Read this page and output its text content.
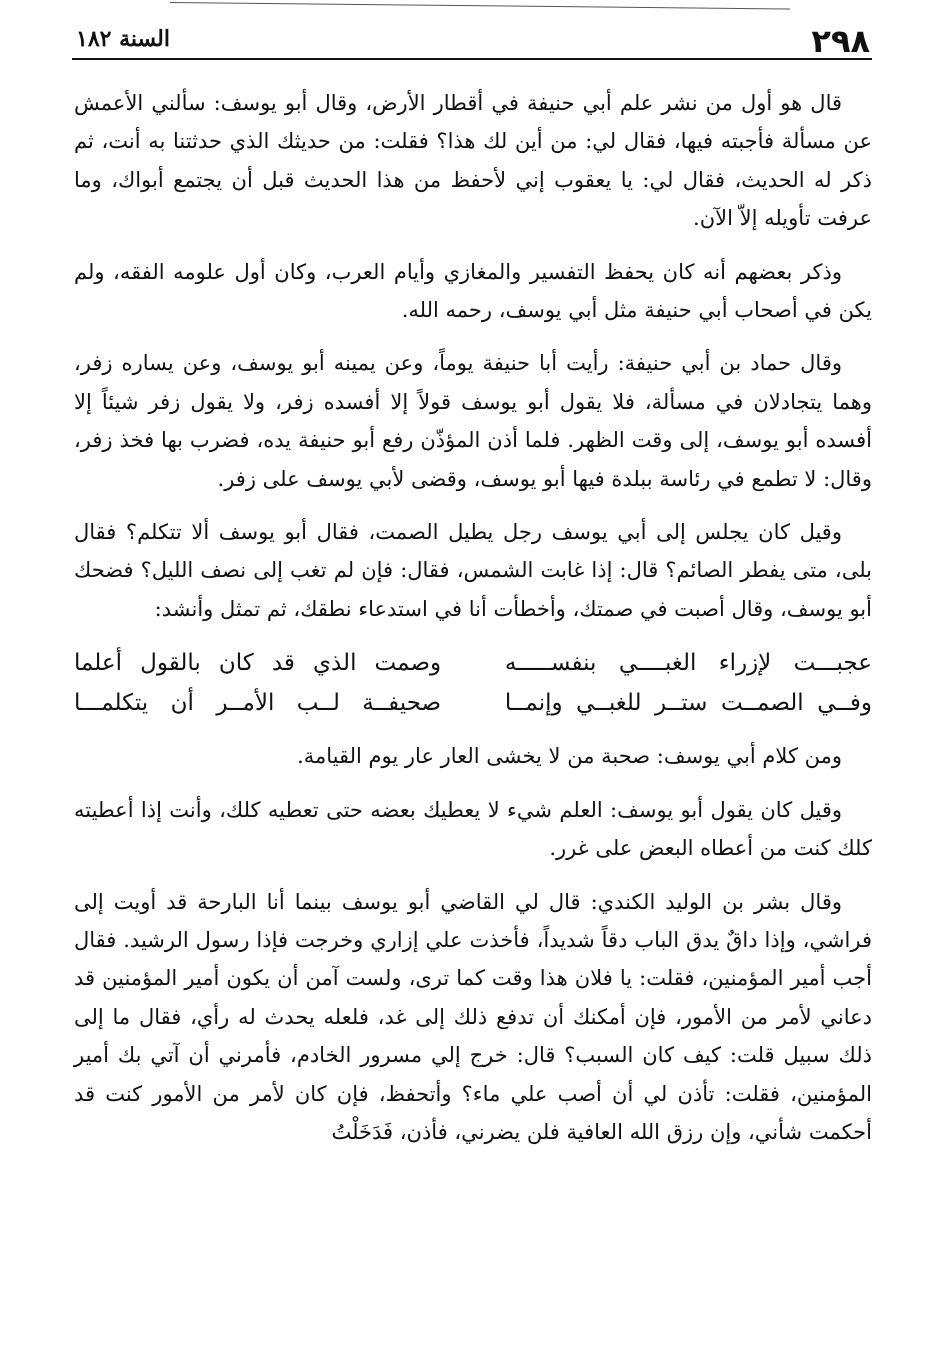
٢٩٨
السنة ١٨٢

قال هو أول من نشر علم أبي حنيفة في أقطار الأرض، وقال أبو يوسف: سألني الأعمش عن مسألة فأجبته فيها، فقال لي: من أين لك هذا؟ فقلت: من حديثك الذي حدثتنا به أنت، ثم ذكر له الحديث، فقال لي: يا يعقوب إني لأحفظ من هذا الحديث قبل أن يجتمع أبواك، وما عرفت تأويله إلاّ الآن.

وذكر بعضهم أنه كان يحفظ التفسير والمغازي وأيام العرب، وكان أول علومه الفقه، ولم يكن في أصحاب أبي حنيفة مثل أبي يوسف، رحمه الله.

وقال حماد بن أبي حنيفة: رأيت أبا حنيفة يوماً، وعن يمينه أبو يوسف، وعن يساره زفر، وهما يتجادلان في مسألة، فلا يقول أبو يوسف قولاً إلا أفسده زفر، ولا يقول زفر شيئاً إلا أفسده أبو يوسف، إلى وقت الظهر. فلما أذن المؤذّن رفع أبو حنيفة يده، فضرب بها فخذ زفر، وقال: لا تطمع في رئاسة ببلدة فيها أبو يوسف، وقضى لأبي يوسف على زفر.

وقيل كان يجلس إلى أبي يوسف رجل يطيل الصمت، فقال أبو يوسف ألا تتكلم؟ فقال بلى، متى يفطر الصائم؟ قال: إذا غابت الشمس، فقال: فإن لم تغب إلى نصف الليل؟ فضحك أبو يوسف، وقال أصبت في صمتك، وأخطأت أنا في استدعاء نطقك، ثم تمثل وأنشد:

عجبـــت لإزراء الغبــــي بنفســـــه
وصمت الذي قد كان بالقول أعلما
وفــي الصمــت ستــر للغبــي وإنمــا
صحيفــة لــب الأمــر أن يتكلمـــا

ومن كلام أبي يوسف: صحبة من لا يخشى العار عار يوم القيامة.

وقيل كان يقول أبو يوسف: العلم شيء لا يعطيك بعضه حتى تعطيه كلك، وأنت إذا أعطيته كلك كنت من أعطاه البعض على غرر.

وقال بشر بن الوليد الكندي: قال لي القاضي أبو يوسف بينما أنا البارحة قد أويت إلى فراشي، وإذا داقٌ يدق الباب دقاً شديداً، فأخذت علي إزاري وخرجت فإذا رسول الرشيد. فقال أجب أمير المؤمنين، فقلت: يا فلان هذا وقت كما ترى، ولست آمن أن يكون أمير المؤمنين قد دعاني لأمر من الأمور، فإن أمكنك أن تدفع ذلك إلى غد، فلعله يحدث له رأي، فقال ما إلى ذلك سبيل قلت: كيف كان السبب؟ قال: خرج إلي مسرور الخادم، فأمرني أن آتي بك أمير المؤمنين، فقلت: تأذن لي أن أصب علي ماء؟ وأتحفظ، فإن كان لأمر من الأمور كنت قد أحكمت شأني، وإن رزق الله العافية فلن يضرني، فأذن، فَدَخَلْتُ
